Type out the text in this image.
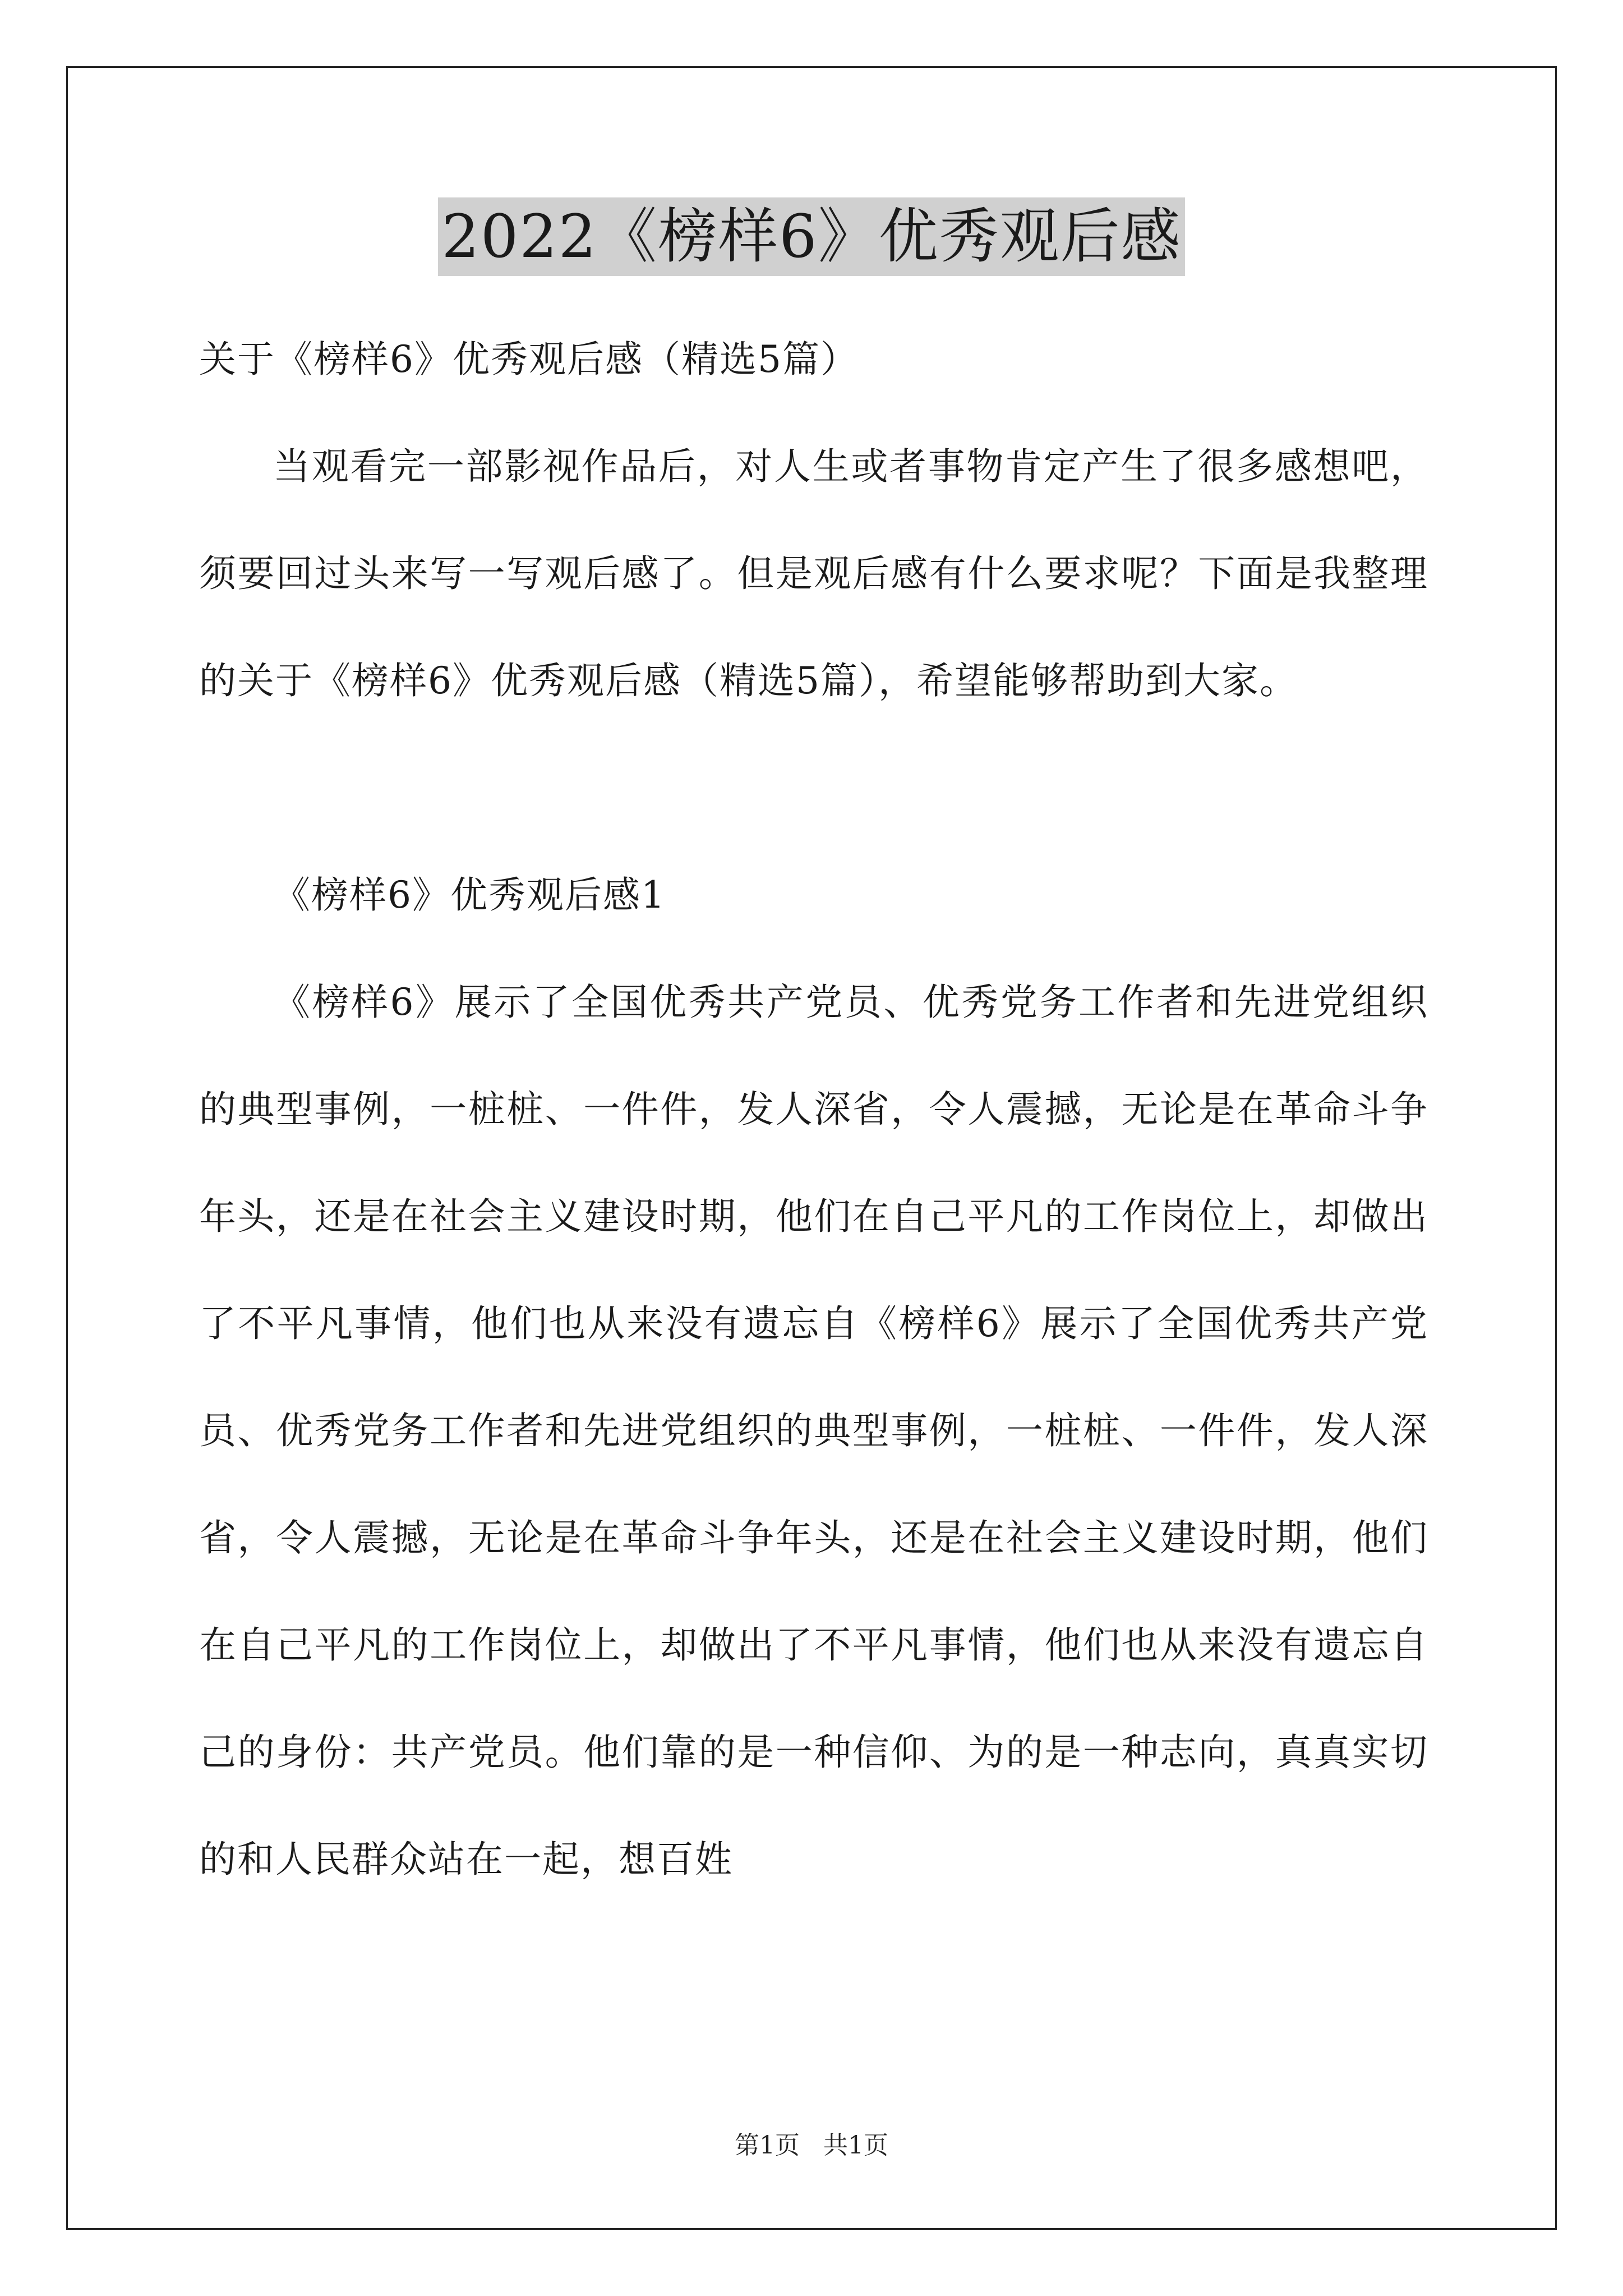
2022《榜样6》优秀观后感

关于《榜样6》优秀观后感（精选5篇）

当观看完一部影视作品后，对人生或者事物肯定产生了很多感想吧，须要回过头来写一写观后感了。但是观后感有什么要求呢？下面是我整理的关于《榜样6》优秀观后感（精选5篇），希望能够帮助到大家。

《榜样6》优秀观后感1

《榜样6》展示了全国优秀共产党员、优秀党务工作者和先进党组织的典型事例，一桩桩、一件件，发人深省，令人震撼，无论是在革命斗争年头，还是在社会主义建设时期，他们在自己平凡的工作岗位上，却做出了不平凡事情，他们也从来没有遗忘自《榜样6》展示了全国优秀共产党员、优秀党务工作者和先进党组织的典型事例，一桩桩、一件件，发人深省，令人震撼，无论是在革命斗争年头，还是在社会主义建设时期，他们在自己平凡的工作岗位上，却做出了不平凡事情，他们也从来没有遗忘自己的身份：共产党员。他们靠的是一种信仰、为的是一种志向，真真实切的和人民群众站在一起，想百姓

第1页 共1页
